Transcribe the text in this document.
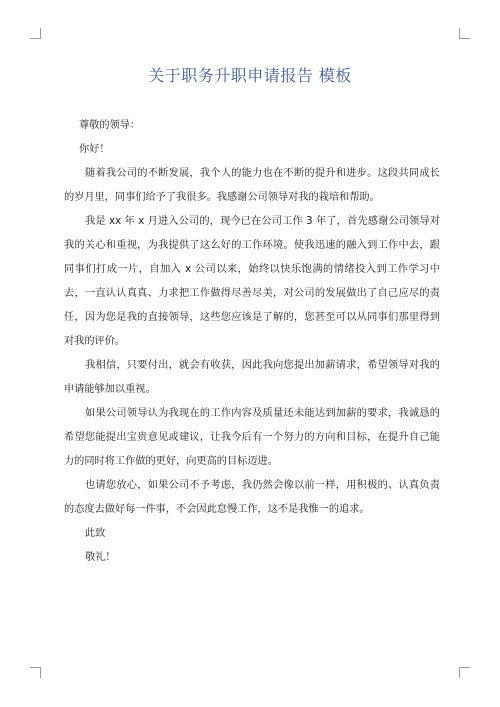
关于职务升职申请报告 模板

尊敬的领导：

你好！

随着我公司的不断发展，我个人的能力也在不断的提升和进步。这段共同成长的岁月里，同事们给予了我很多。我感谢公司领导对我的栽培和帮助。

我是 xx 年 x 月进入公司的，现今已在公司工作 3 年了，首先感谢公司领导对我的关心和重视，为我提供了这么好的工作环境。使我迅速的融入到工作中去，跟同事们打成一片，自加入 x 公司以来，始终以快乐饱满的情绪投入到工作学习中去，一直认认真真、力求把工作做得尽善尽美，对公司的发展做出了自己应尽的责任，因为您是我的直接领导，这些您应该是了解的，您甚至可以从同事们那里得到对我的评价。

我相信，只要付出，就会有收获，因此我向您提出加薪请求，希望领导对我的申请能够加以重视。

如果公司领导认为我现在的工作内容及质量还未能达到加薪的要求，我诚恳的希望您能提出宝贵意见或建议，让我今后有一个努力的方向和目标，在提升自己能力的同时将工作做的更好，向更高的目标迈进。

也请您放心，如果公司不予考虑，我仍然会像以前一样，用积极的、认真负责的态度去做好每一件事，不会因此怠慢工作，这不是我惟一的追求。

此致

敬礼！
